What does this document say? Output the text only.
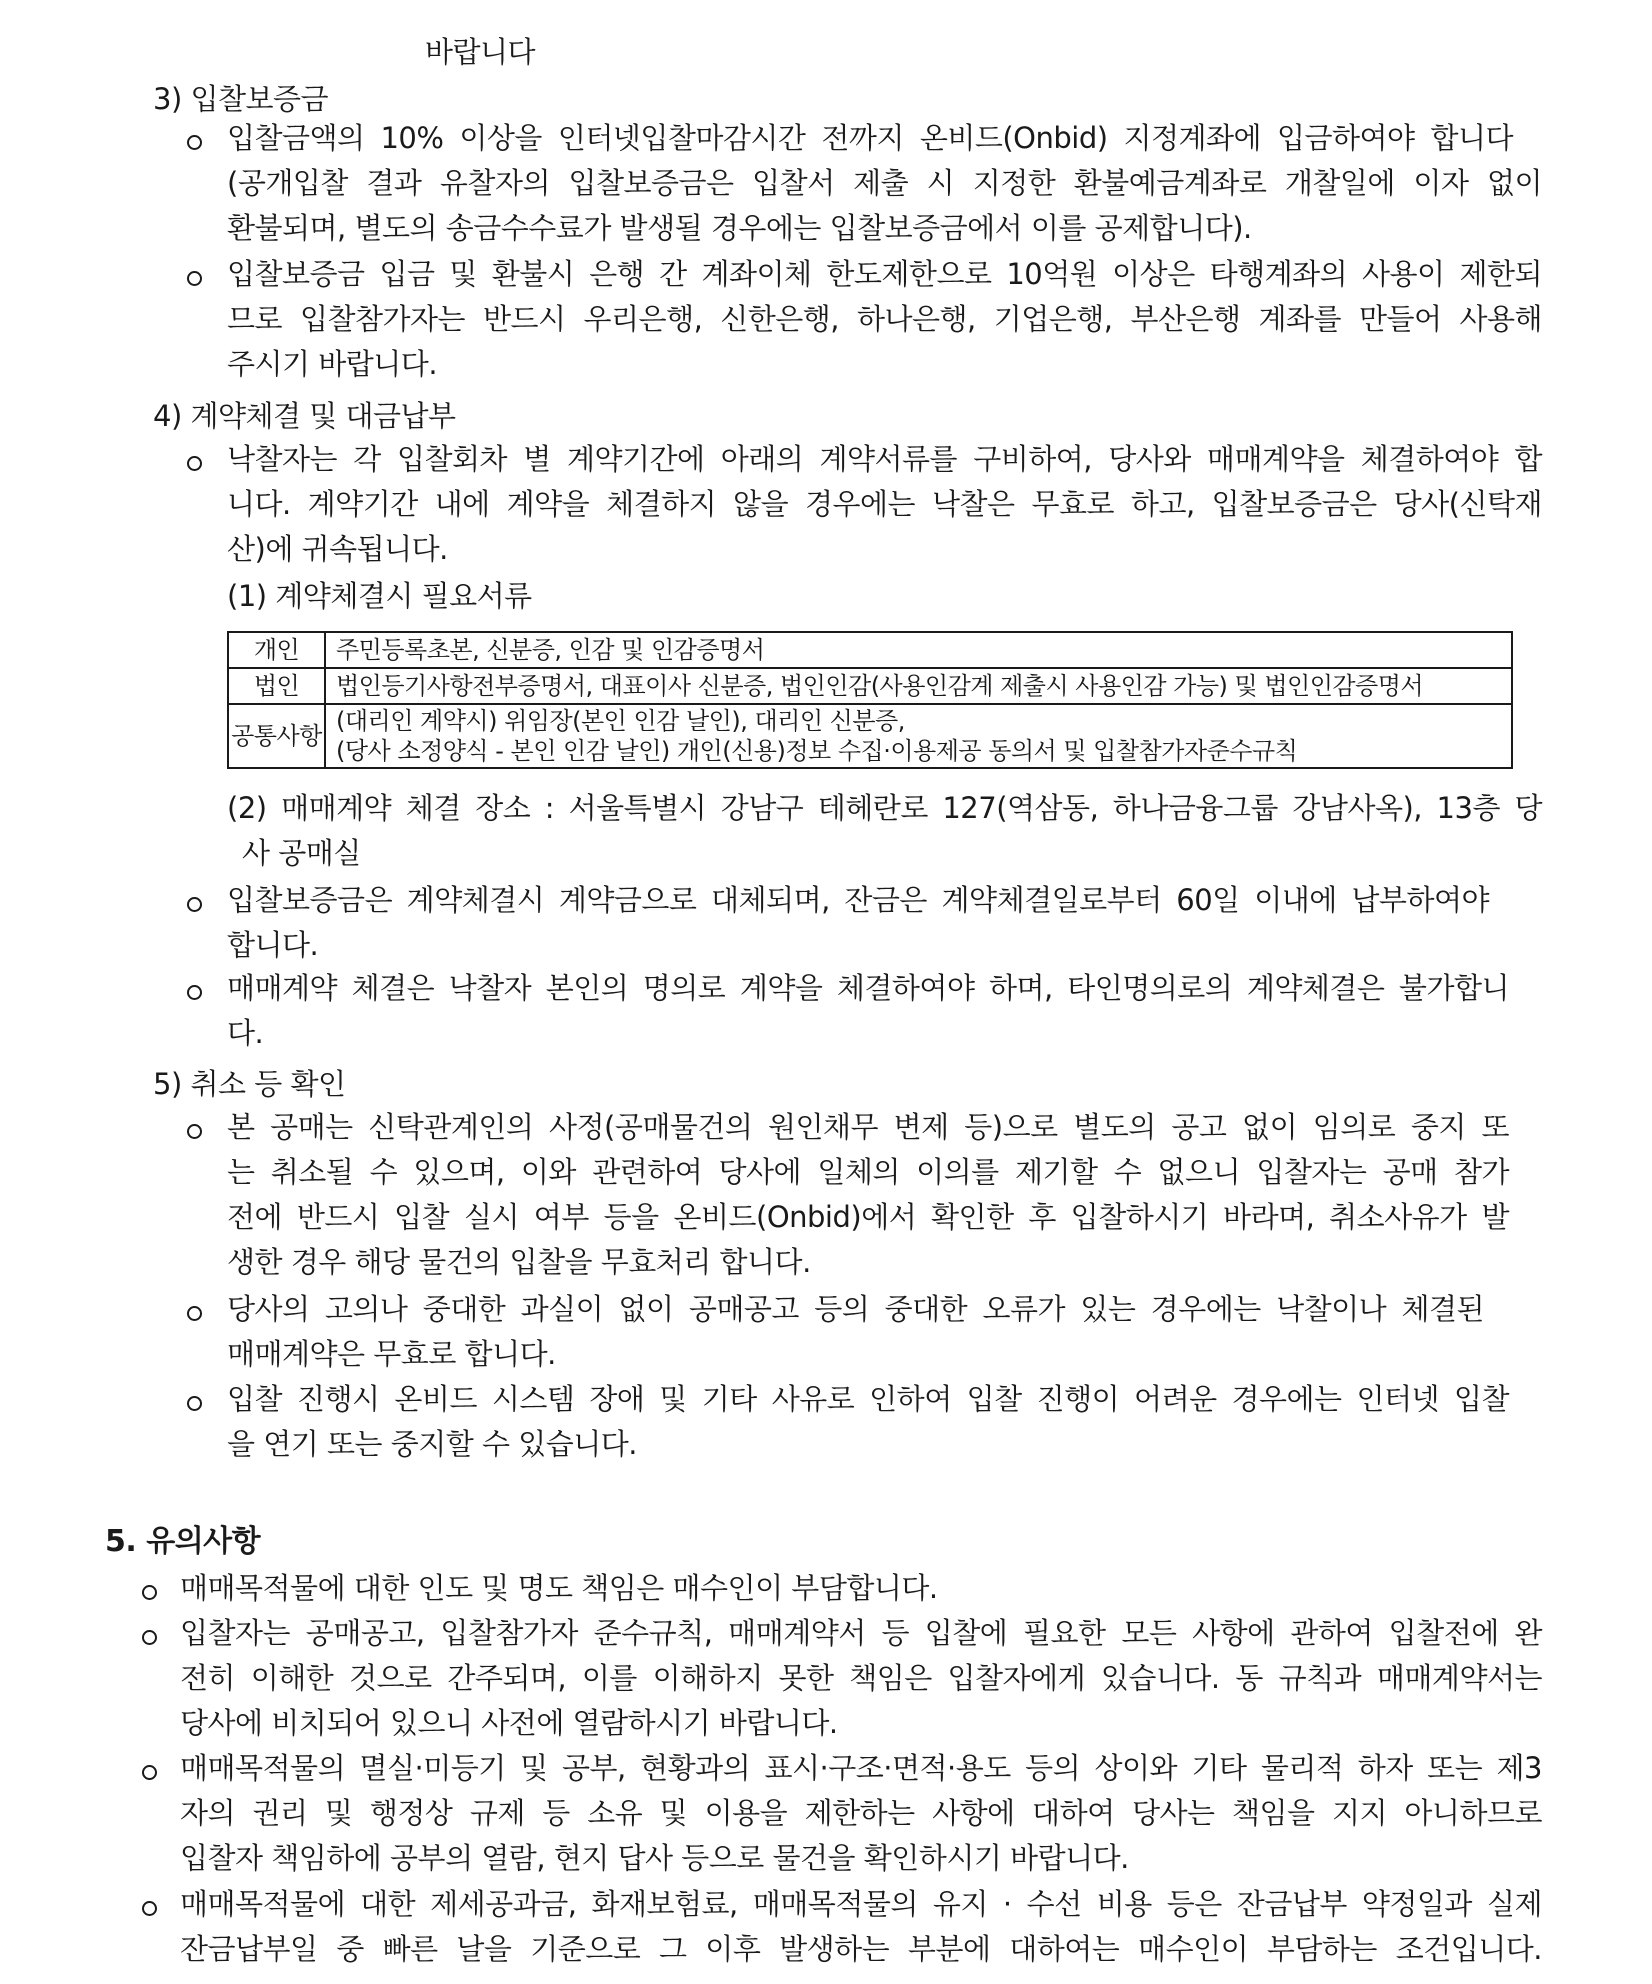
바랍니다
3) 입찰보증금
입찰금액의 10% 이상을 인터넷입찰마감시간 전까지 온비드(Onbid) 지정계좌에 입금하여야 합니다
(공개입찰 결과 유찰자의 입찰보증금은 입찰서 제출 시 지정한 환불예금계좌로 개찰일에 이자 없이
환불되며, 별도의 송금수수료가 발생될 경우에는 입찰보증금에서 이를 공제합니다).
입찰보증금 입금 및 환불시 은행 간 계좌이체 한도제한으로 10억원 이상은 타행계좌의 사용이 제한되
므로 입찰참가자는 반드시 우리은행, 신한은행, 하나은행, 기업은행, 부산은행 계좌를 만들어 사용해
주시기 바랍니다.
4) 계약체결 및 대금납부
낙찰자는 각 입찰회차 별 계약기간에 아래의 계약서류를 구비하여, 당사와 매매계약을 체결하여야 합
니다. 계약기간 내에 계약을 체결하지 않을 경우에는 낙찰은 무효로 하고, 입찰보증금은 당사(신탁재
산)에 귀속됩니다.
(1) 계약체결시 필요서류
개인	주민등록초본, 신분증, 인감 및 인감증명서
법인	법인등기사항전부증명서, 대표이사 신분증, 법인인감(사용인감계 제출시 사용인감 가능) 및 법인인감증명서
공통사항	(대리인 계약시) 위임장(본인 인감 날인), 대리인 신분증,
(당사 소정양식 - 본인 인감 날인) 개인(신용)정보 수집·이용제공 동의서 및 입찰참가자준수규칙
(2) 매매계약 체결 장소 : 서울특별시 강남구 테헤란로 127(역삼동, 하나금융그룹 강남사옥), 13층 당
사 공매실
입찰보증금은 계약체결시 계약금으로 대체되며, 잔금은 계약체결일로부터 60일 이내에 납부하여야
합니다.
매매계약 체결은 낙찰자 본인의 명의로 계약을 체결하여야 하며, 타인명의로의 계약체결은 불가합니
다.
5) 취소 등 확인
본 공매는 신탁관계인의 사정(공매물건의 원인채무 변제 등)으로 별도의 공고 없이 임의로 중지 또
는 취소될 수 있으며, 이와 관련하여 당사에 일체의 이의를 제기할 수 없으니 입찰자는 공매 참가
전에 반드시 입찰 실시 여부 등을 온비드(Onbid)에서 확인한 후 입찰하시기 바라며, 취소사유가 발
생한 경우 해당 물건의 입찰을 무효처리 합니다.
당사의 고의나 중대한 과실이 없이 공매공고 등의 중대한 오류가 있는 경우에는 낙찰이나 체결된
매매계약은 무효로 합니다.
입찰 진행시 온비드 시스템 장애 및 기타 사유로 인하여 입찰 진행이 어려운 경우에는 인터넷 입찰
을 연기 또는 중지할 수 있습니다.
5. 유의사항
매매목적물에 대한 인도 및 명도 책임은 매수인이 부담합니다.
입찰자는 공매공고, 입찰참가자 준수규칙, 매매계약서 등 입찰에 필요한 모든 사항에 관하여 입찰전에 완
전히 이해한 것으로 간주되며, 이를 이해하지 못한 책임은 입찰자에게 있습니다. 동 규칙과 매매계약서는
당사에 비치되어 있으니 사전에 열람하시기 바랍니다.
매매목적물의 멸실·미등기 및 공부, 현황과의 표시·구조·면적·용도 등의 상이와 기타 물리적 하자 또는 제3
자의 권리 및 행정상 규제 등 소유 및 이용을 제한하는 사항에 대하여 당사는 책임을 지지 아니하므로
입찰자 책임하에 공부의 열람, 현지 답사 등으로 물건을 확인하시기 바랍니다.
매매목적물에 대한 제세공과금, 화재보험료, 매매목적물의 유지 · 수선 비용 등은 잔금납부 약정일과 실제
잔금납부일 중 빠른 날을 기준으로 그 이후 발생하는 부분에 대하여는 매수인이 부담하는 조건입니다.
